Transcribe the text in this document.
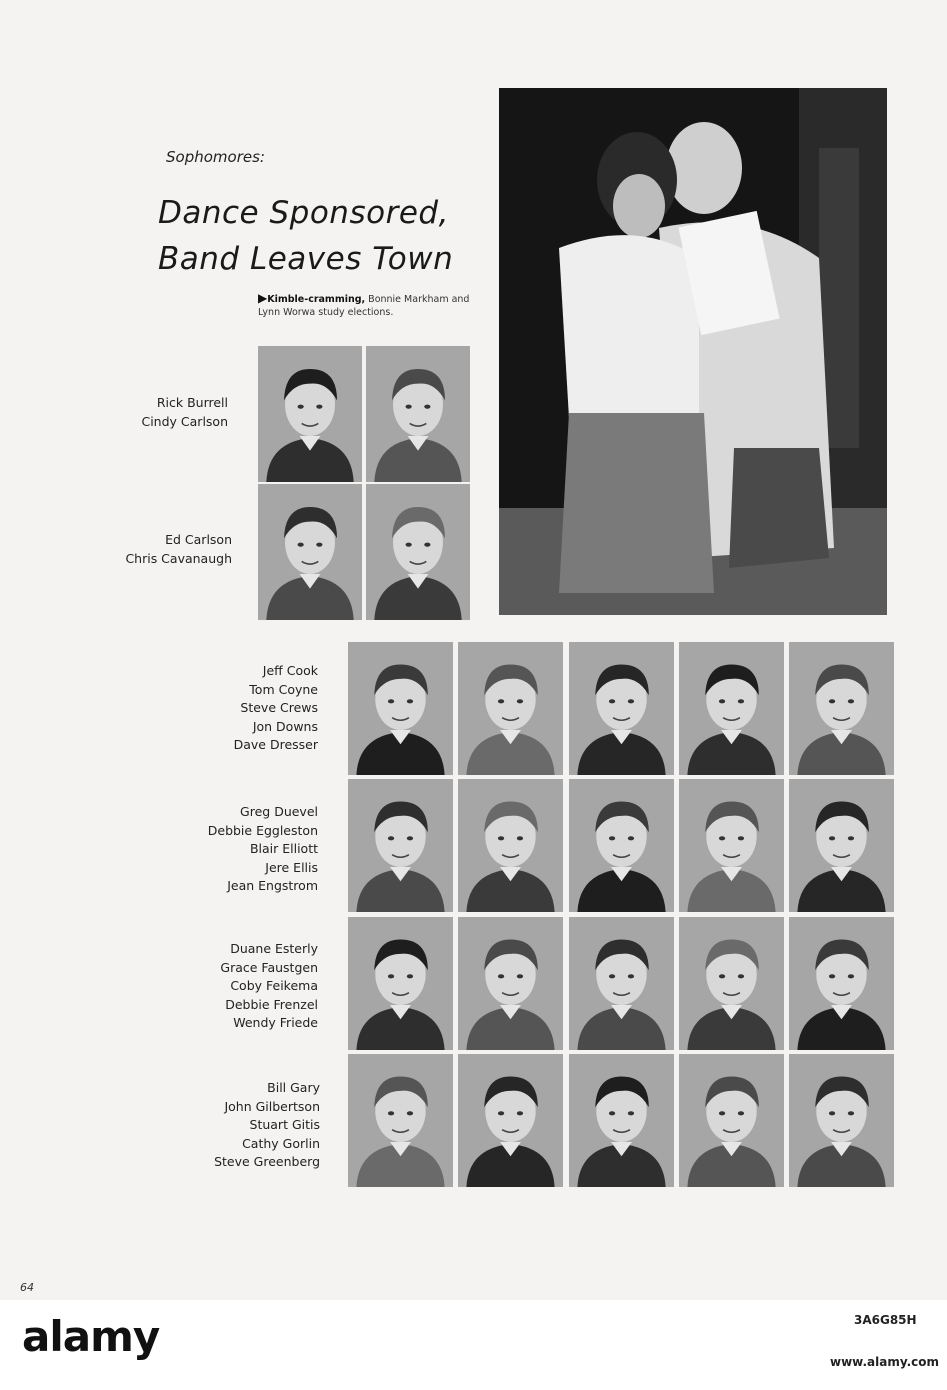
Sophomores:
Dance Sponsored,
Band Leaves Town
▶Kimble-cramming, Bonnie Markham and Lynn Worwa study elections.
Rick Burrell
Cindy Carlson
Ed Carlson
Chris Cavanaugh
Jeff Cook
Tom Coyne
Steve Crews
Jon Downs
Dave Dresser
Greg Duevel
Debbie Eggleston
Blair Elliott
Jere Ellis
Jean Engstrom
Duane Esterly
Grace Faustgen
Coby Feikema
Debbie Frenzel
Wendy Friede
Bill Gary
John Gilbertson
Stuart Gitis
Cathy Gorlin
Steve Greenberg
64
alamy	3A6G85H
www.alamy.com
